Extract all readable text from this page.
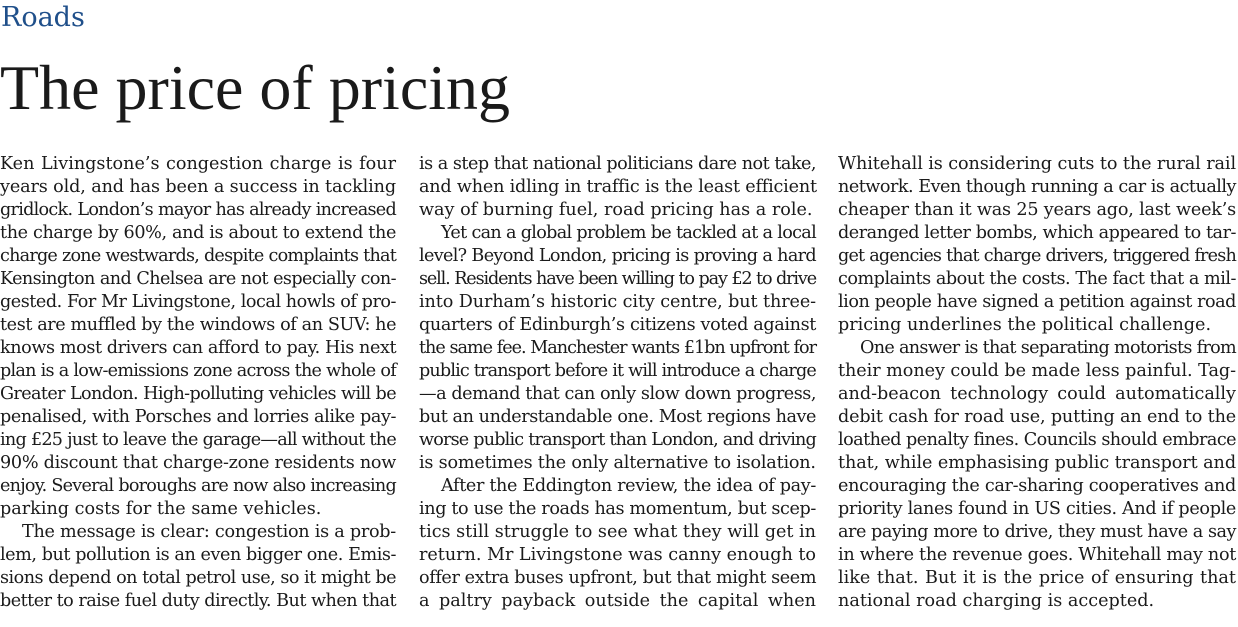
Roads
The price of pricing
Ken Livingstone’s congestion charge is four
years old, and has been a success in tackling
gridlock. London’s mayor has already increased
the charge by 60%, and is about to extend the
charge zone westwards, despite complaints that
Kensington and Chelsea are not especially con-
gested. For Mr Livingstone, local howls of pro-
test are muffled by the windows of an SUV: he
knows most drivers can afford to pay. His next
plan is a low-emissions zone across the whole of
Greater London. High-polluting vehicles will be
penalised, with Porsches and lorries alike pay-
ing £25 just to leave the garage—all without the
90% discount that charge-zone residents now
enjoy. Several boroughs are now also increasing
parking costs for the same vehicles.
The message is clear: congestion is a prob-
lem, but pollution is an even bigger one. Emis-
sions depend on total petrol use, so it might be
better to raise fuel duty directly. But when that
is a step that national politicians dare not take,
and when idling in traffic is the least efficient
way of burning fuel, road pricing has a role.
Yet can a global problem be tackled at a local
level? Beyond London, pricing is proving a hard
sell. Residents have been willing to pay £2 to drive
into Durham’s historic city centre, but three-
quarters of Edinburgh’s citizens voted against
the same fee. Manchester wants £1bn upfront for
public transport before it will introduce a charge
—a demand that can only slow down progress,
but an understandable one. Most regions have
worse public transport than London, and driving
is sometimes the only alternative to isolation.
After the Eddington review, the idea of pay-
ing to use the roads has momentum, but scep-
tics still struggle to see what they will get in
return. Mr Livingstone was canny enough to
offer extra buses upfront, but that might seem
a paltry payback outside the capital when
Whitehall is considering cuts to the rural rail
network. Even though running a car is actually
cheaper than it was 25 years ago, last week’s
deranged letter bombs, which appeared to tar-
get agencies that charge drivers, triggered fresh
complaints about the costs. The fact that a mil-
lion people have signed a petition against road
pricing underlines the political challenge.
One answer is that separating motorists from
their money could be made less painful. Tag-
and-beacon technology could automatically
debit cash for road use, putting an end to the
loathed penalty fines. Councils should embrace
that, while emphasising public transport and
encouraging the car-sharing cooperatives and
priority lanes found in US cities. And if people
are paying more to drive, they must have a say
in where the revenue goes. Whitehall may not
like that. But it is the price of ensuring that
national road charging is accepted.
